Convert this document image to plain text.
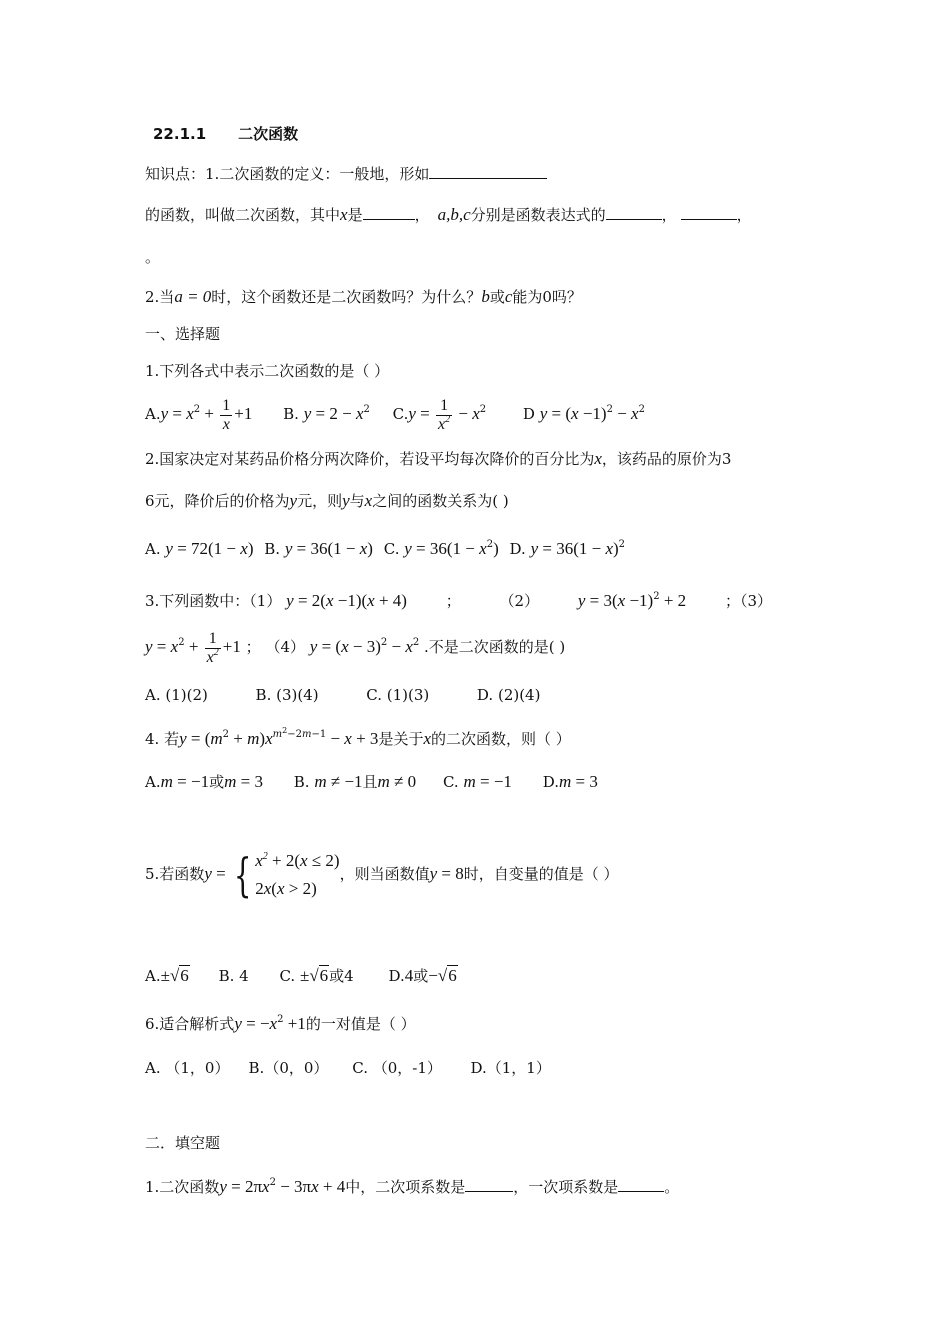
22.1.1 二次函数
知识点：1.二次函数的定义：一般地，形如
的函数，叫做二次函数，其中x是	， a,b,c分别是函数表达式的	，	，
。
2.当a = 0时，这个函数还是二次函数吗？为什么？b或c能为0吗？
一、选择题
1.下列各式中表示二次函数的是（ ）
$A.y = x^2 + \frac{1}{x} +1$ B. $y = 2 - x^2$ $C.y = \frac{1}{x^2} - x^2$ D $y = (x -1)^2 - x^2$
2.国家决定对某药品价格分两次降价，若设平均每次降价的百分比为x，该药品的原价为3
6元，降价后的价格为y元，则y与x之间的函数关系为( )
A. y = 72(1 − x) B. y = 36(1 − x) C. $y = 36(1 - x^2)$ D. $y = 36(1 - x)^2$
3.下列函数中：（1） y = 2(x −1)(x + 4)	；	（2） $y = 3(x -1)^2 + 2$	；（3）
$y = x^2 + \frac{1}{x^2} +1$ ； （4） $y = (x - 3)^2 - x^2$ .不是二次函数的是( )
A. (1)(2)          B. (3)(4)          C. (1)(3)          D. (2)(4)
4. 若$y = (m^2 + m)x^{m^2-2m-1} - x + 3$是关于x的二次函数，则（ ）
A.m = −1或m = 3 B. m ≠ −1且m ≠ 0 C. m = −1 D.m = 3
5.若函数y = { $x^2 + 2(x \le 2)$
2x(x > 2)
，则当函数值y = 8时，自变量的值是（ ）
A.±√6 B. 4 C. ±√6或4 D.4或−√6
6.适合解析式$y = -x^2 +1$的一对值是（ ）
A. （1，0）    B.（0，0）     C. （0，-1）      D.（1，1）
二．填空题
1.二次函数$y = 2\pi x^2 - 3\pi x + 4$中，二次项系数是	，一次项系数是	。
